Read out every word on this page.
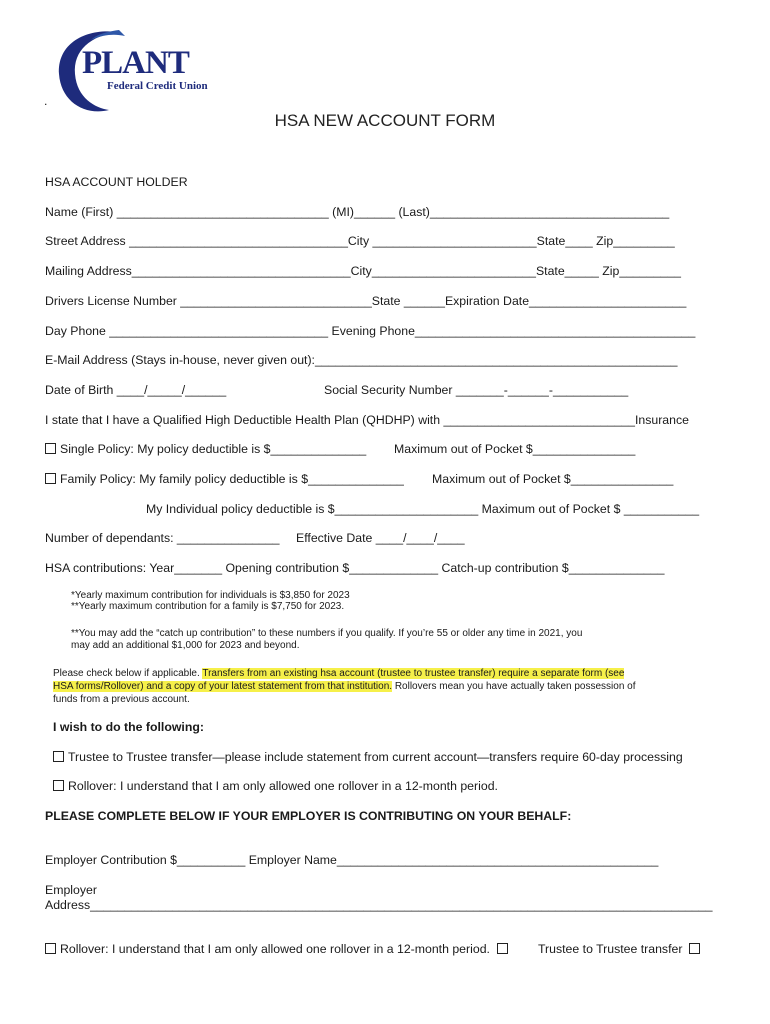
PLANT
Federal Credit Union
.
HSA NEW ACCOUNT FORM
HSA ACCOUNT HOLDER
Name (First) _______________________________ (MI)______ (Last)___________________________________
Street Address ________________________________City ________________________State____ Zip_________
Mailing Address________________________________City________________________State_____ Zip_________
Drivers License Number ____________________________State ______Expiration Date_______________________
Day Phone ________________________________ Evening Phone_________________________________________
E-Mail Address (Stays in-house, never given out):_____________________________________________________
Date of Birth ____/_____/______	Social Security Number _______-______-___________
I state that I have a Qualified High Deductible Health Plan (QHDHP) with ____________________________Insurance
Single Policy: My policy deductible is $______________ Maximum out of Pocket $_______________
Family Policy: My family policy deductible is $______________ Maximum out of Pocket $_______________
My Individual policy deductible is $_____________________ Maximum out of Pocket $ ___________
Number of dependants: _______________ Effective Date ____/____/____
HSA contributions: Year_______ Opening contribution $_____________ Catch-up contribution $______________
*Yearly maximum contribution for individuals is $3,850 for 2023
**Yearly maximum contribution for a family is $7,750 for 2023.
**You may add the “catch up contribution” to these numbers if you qualify. If you’re 55 or older any time in 2021, you
may add an additional $1,000 for 2023 and beyond.
Please check below if applicable. Transfers from an existing hsa account (trustee to trustee transfer) require a separate form (see
HSA forms/Rollover) and a copy of your latest statement from that institution. Rollovers mean you have actually taken possession of
funds from a previous account.
I wish to do the following:
Trustee to Trustee transfer—please include statement from current account—transfers require 60-day processing
Rollover: I understand that I am only allowed one rollover in a 12-month period.
PLEASE COMPLETE BELOW IF YOUR EMPLOYER IS CONTRIBUTING ON YOUR BEHALF:
Employer Contribution $__________ Employer Name_______________________________________________
Employer
Address___________________________________________________________________________________________
Rollover: I understand that I am only allowed one rollover in a 12-month period.	Trustee to Trustee transfer
